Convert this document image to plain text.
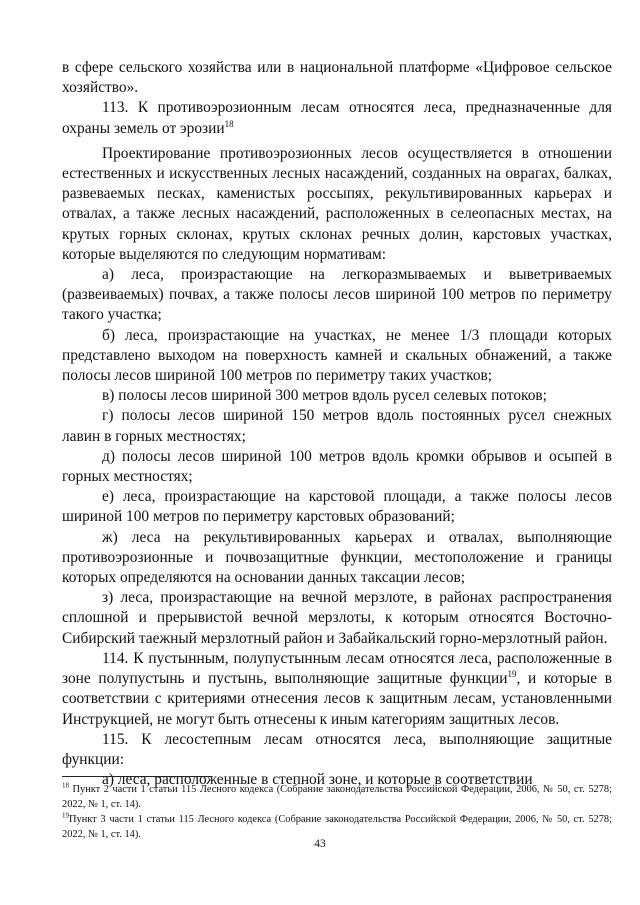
в сфере сельского хозяйства или в национальной платформе «Цифровое сельское хозяйство».

113. К противоэрозионным лесам относятся леса, предназначенные для охраны земель от эрозии$^{18}$

Проектирование противоэрозионных лесов осуществляется в отношении естественных и искусственных лесных насаждений, созданных на оврагах, балках, развеваемых песках, каменистых россыпях, рекультивированных карьерах и отвалах, а также лесных насаждений, расположенных в селеопасных местах, на крутых горных склонах, крутых склонах речных долин, карстовых участках, которые выделяются по следующим нормативам:

а) леса, произрастающие на легкоразмываемых и выветриваемых (развеиваемых) почвах, а также полосы лесов шириной 100 метров по периметру такого участка;

б) леса, произрастающие на участках, не менее 1/3 площади которых представлено выходом на поверхность камней и скальных обнажений, а также полосы лесов шириной 100 метров по периметру таких участков;

в) полосы лесов шириной 300 метров вдоль русел селевых потоков;

г) полосы лесов шириной 150 метров вдоль постоянных русел снежных лавин в горных местностях;

д) полосы лесов шириной 100 метров вдоль кромки обрывов и осыпей в горных местностях;

е) леса, произрастающие на карстовой площади, а также полосы лесов шириной 100 метров по периметру карстовых образований;

ж) леса на рекультивированных карьерах и отвалах, выполняющие противоэрозионные и почвозащитные функции, местоположение и границы которых определяются на основании данных таксации лесов;

з) леса, произрастающие на вечной мерзлоте, в районах распространения сплошной и прерывистой вечной мерзлоты, к которым относятся Восточно-Сибирский таежный мерзлотный район и Забайкальский горно-мерзлотный район.

114. К пустынным, полупустынным лесам относятся леса, расположенные в зоне полупустынь и пустынь, выполняющие защитные функции$^{19}$, и которые в соответствии с критериями отнесения лесов к защитным лесам, установленными Инструкцией, не могут быть отнесены к иным категориям защитных лесов.

115. К лесостепным лесам относятся леса, выполняющие защитные функции:

а) леса, расположенные в степной зоне, и которые в соответствии

$^{18}$ Пункт 2 части 1 статьи 115 Лесного кодекса (Собрание законодательства Российской Федерации, 2006, № 50, ст. 5278; 2022, № 1, ст. 14).

$^{19}$Пункт 3 части 1 статьи 115 Лесного кодекса (Собрание законодательства Российской Федерации, 2006, № 50, ст. 5278; 2022, № 1, ст. 14).

43
